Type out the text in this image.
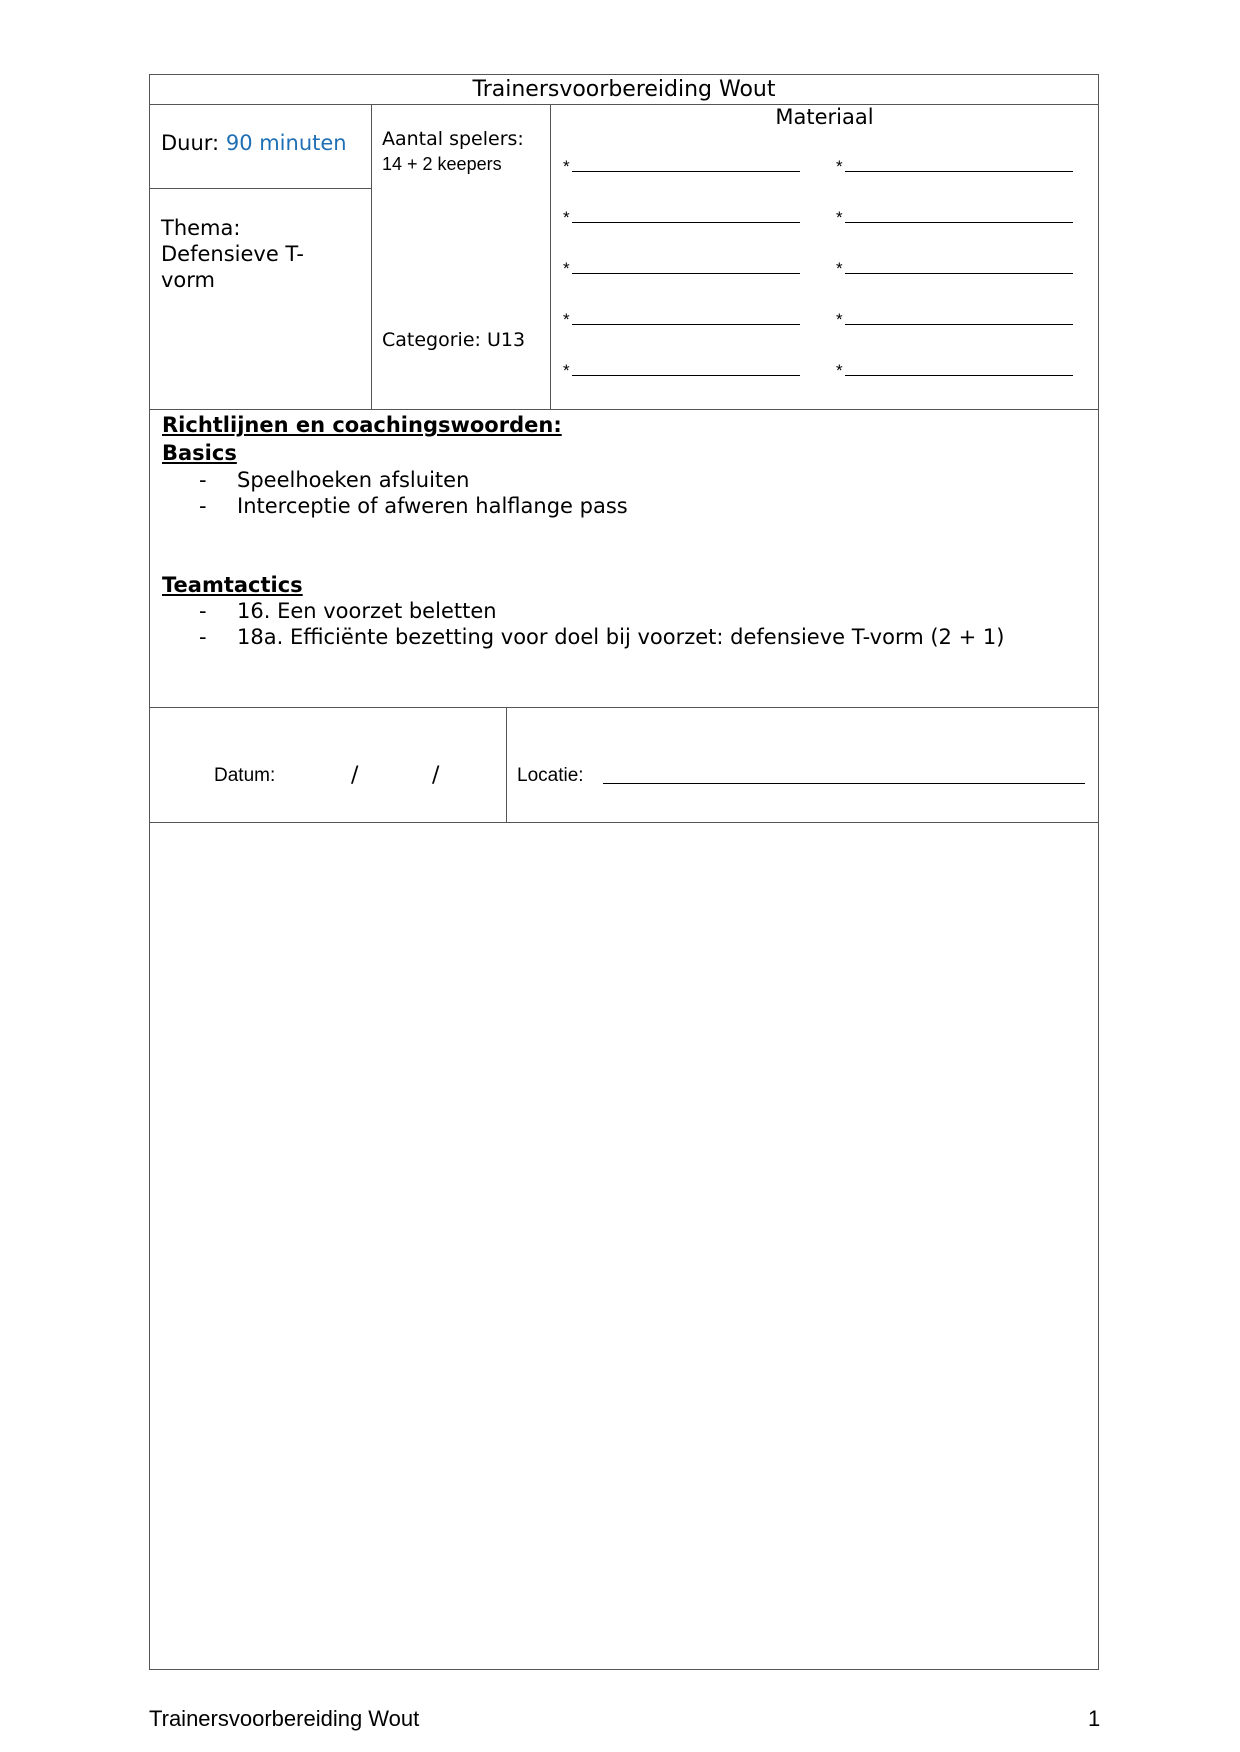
Trainersvoorbereiding Wout
Duur: 90 minuten
Thema:
Defensieve T-
vorm
Aantal spelers:
14 + 2 keepers
Categorie: U13
Materiaal
*	*
*	*
*	*
*	*
*	*
Richtlijnen en coachingswoorden:
Basics
- Speelhoeken afsluiten
- Interceptie of afweren halflange pass
Teamtactics
- 16. Een voorzet beletten
- 18a. Efficiënte bezetting voor doel bij voorzet: defensieve T-vorm (2 + 1)
Datum:	/	/	Locatie:
Trainersvoorbereiding Wout	1
